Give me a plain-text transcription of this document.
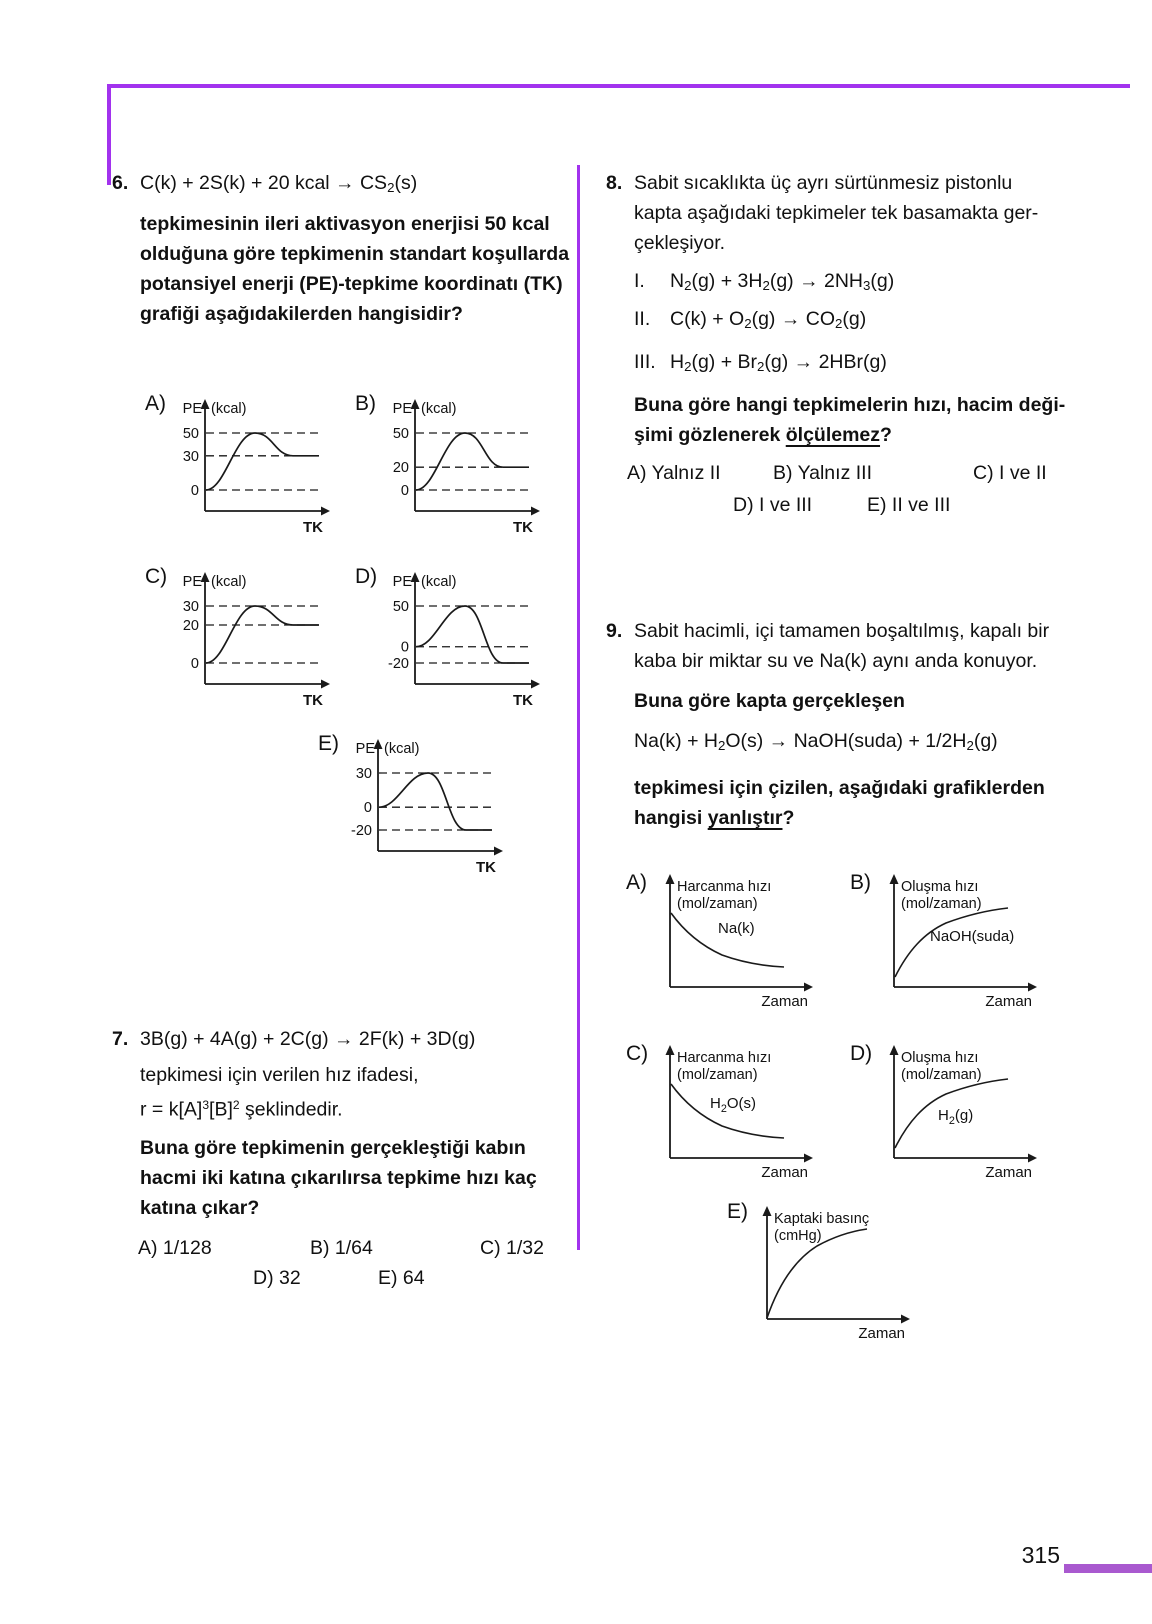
6. C(k) + 2S(k) + 20 kcal → $CS_2(s)$
tepkimesinin ileri aktivasyon enerjisi 50 kcal
olduğuna göre tepkimenin standart koşullarda
potansiyel enerji (PE)-tepkime koordinatı (TK)
grafiği aşağıdakilerden hangisidir?
A)
50
30
0
PE (kcal)
TK
B)
50
20
0
PE (kcal)
TK
C)
30
20
0
PE (kcal)
TK
D)
50
0
-20
PE (kcal)
TK
E)
30
0
-20
PE (kcal)
TK
7. 3B(g) + 4A(g) + 2C(g) → 2F(k) + 3D(g)
tepkimesi için verilen hız ifadesi,
$r = k[A]^3[B]^2$ şeklindedir.
Buna göre tepkimenin gerçekleştiği kabın
hacmi iki katına çıkarılırsa tepkime hızı kaç
katına çıkar?
A) 1/128	B) 1/64	C) 1/32
D) 32	E) 64
8. Sabit sıcaklıkta üç ayrı sürtünmesiz pistonlu
kapta aşağıdaki tepkimeler tek basamakta ger-
çekleşiyor.
I.	$N_2(g) + 3H_2(g) \to 2NH_3(g)$
II.	$C(k) + O_2(g) \to CO_2(g)$
III. $H_2(g) + Br_2(g) \to 2HBr(g)$
Buna göre hangi tepkimelerin hızı, hacim deği-
şimi gözlenerek ölçülemez?
A) Yalnız II	B) Yalnız III	C) I ve II
D) I ve III	E) II ve III
9. Sabit hacimli, içi tamamen boşaltılmış, kapalı bir
kaba bir miktar su ve Na(k) aynı anda konuyor.
Buna göre kapta gerçekleşen
$Na(k) + H_2O(s)$ → NaOH(suda) + $1/2H_2(g)$
tepkimesi için çizilen, aşağıdaki grafiklerden
hangisi yanlıştır?
A)	Harcanma hızı
(mol/zaman)
Zaman
Na(k)
B)	Oluşma hızı
(mol/zaman)
Zaman
NaOH(suda)
C)	Harcanma hızı
(mol/zaman)
Zaman
$H_2O(s)$
D)	Oluşma hızı
(mol/zaman)
Zaman
$H_2(g)$
E)	Kaptaki basınç
(cmHg)
Zaman
315
